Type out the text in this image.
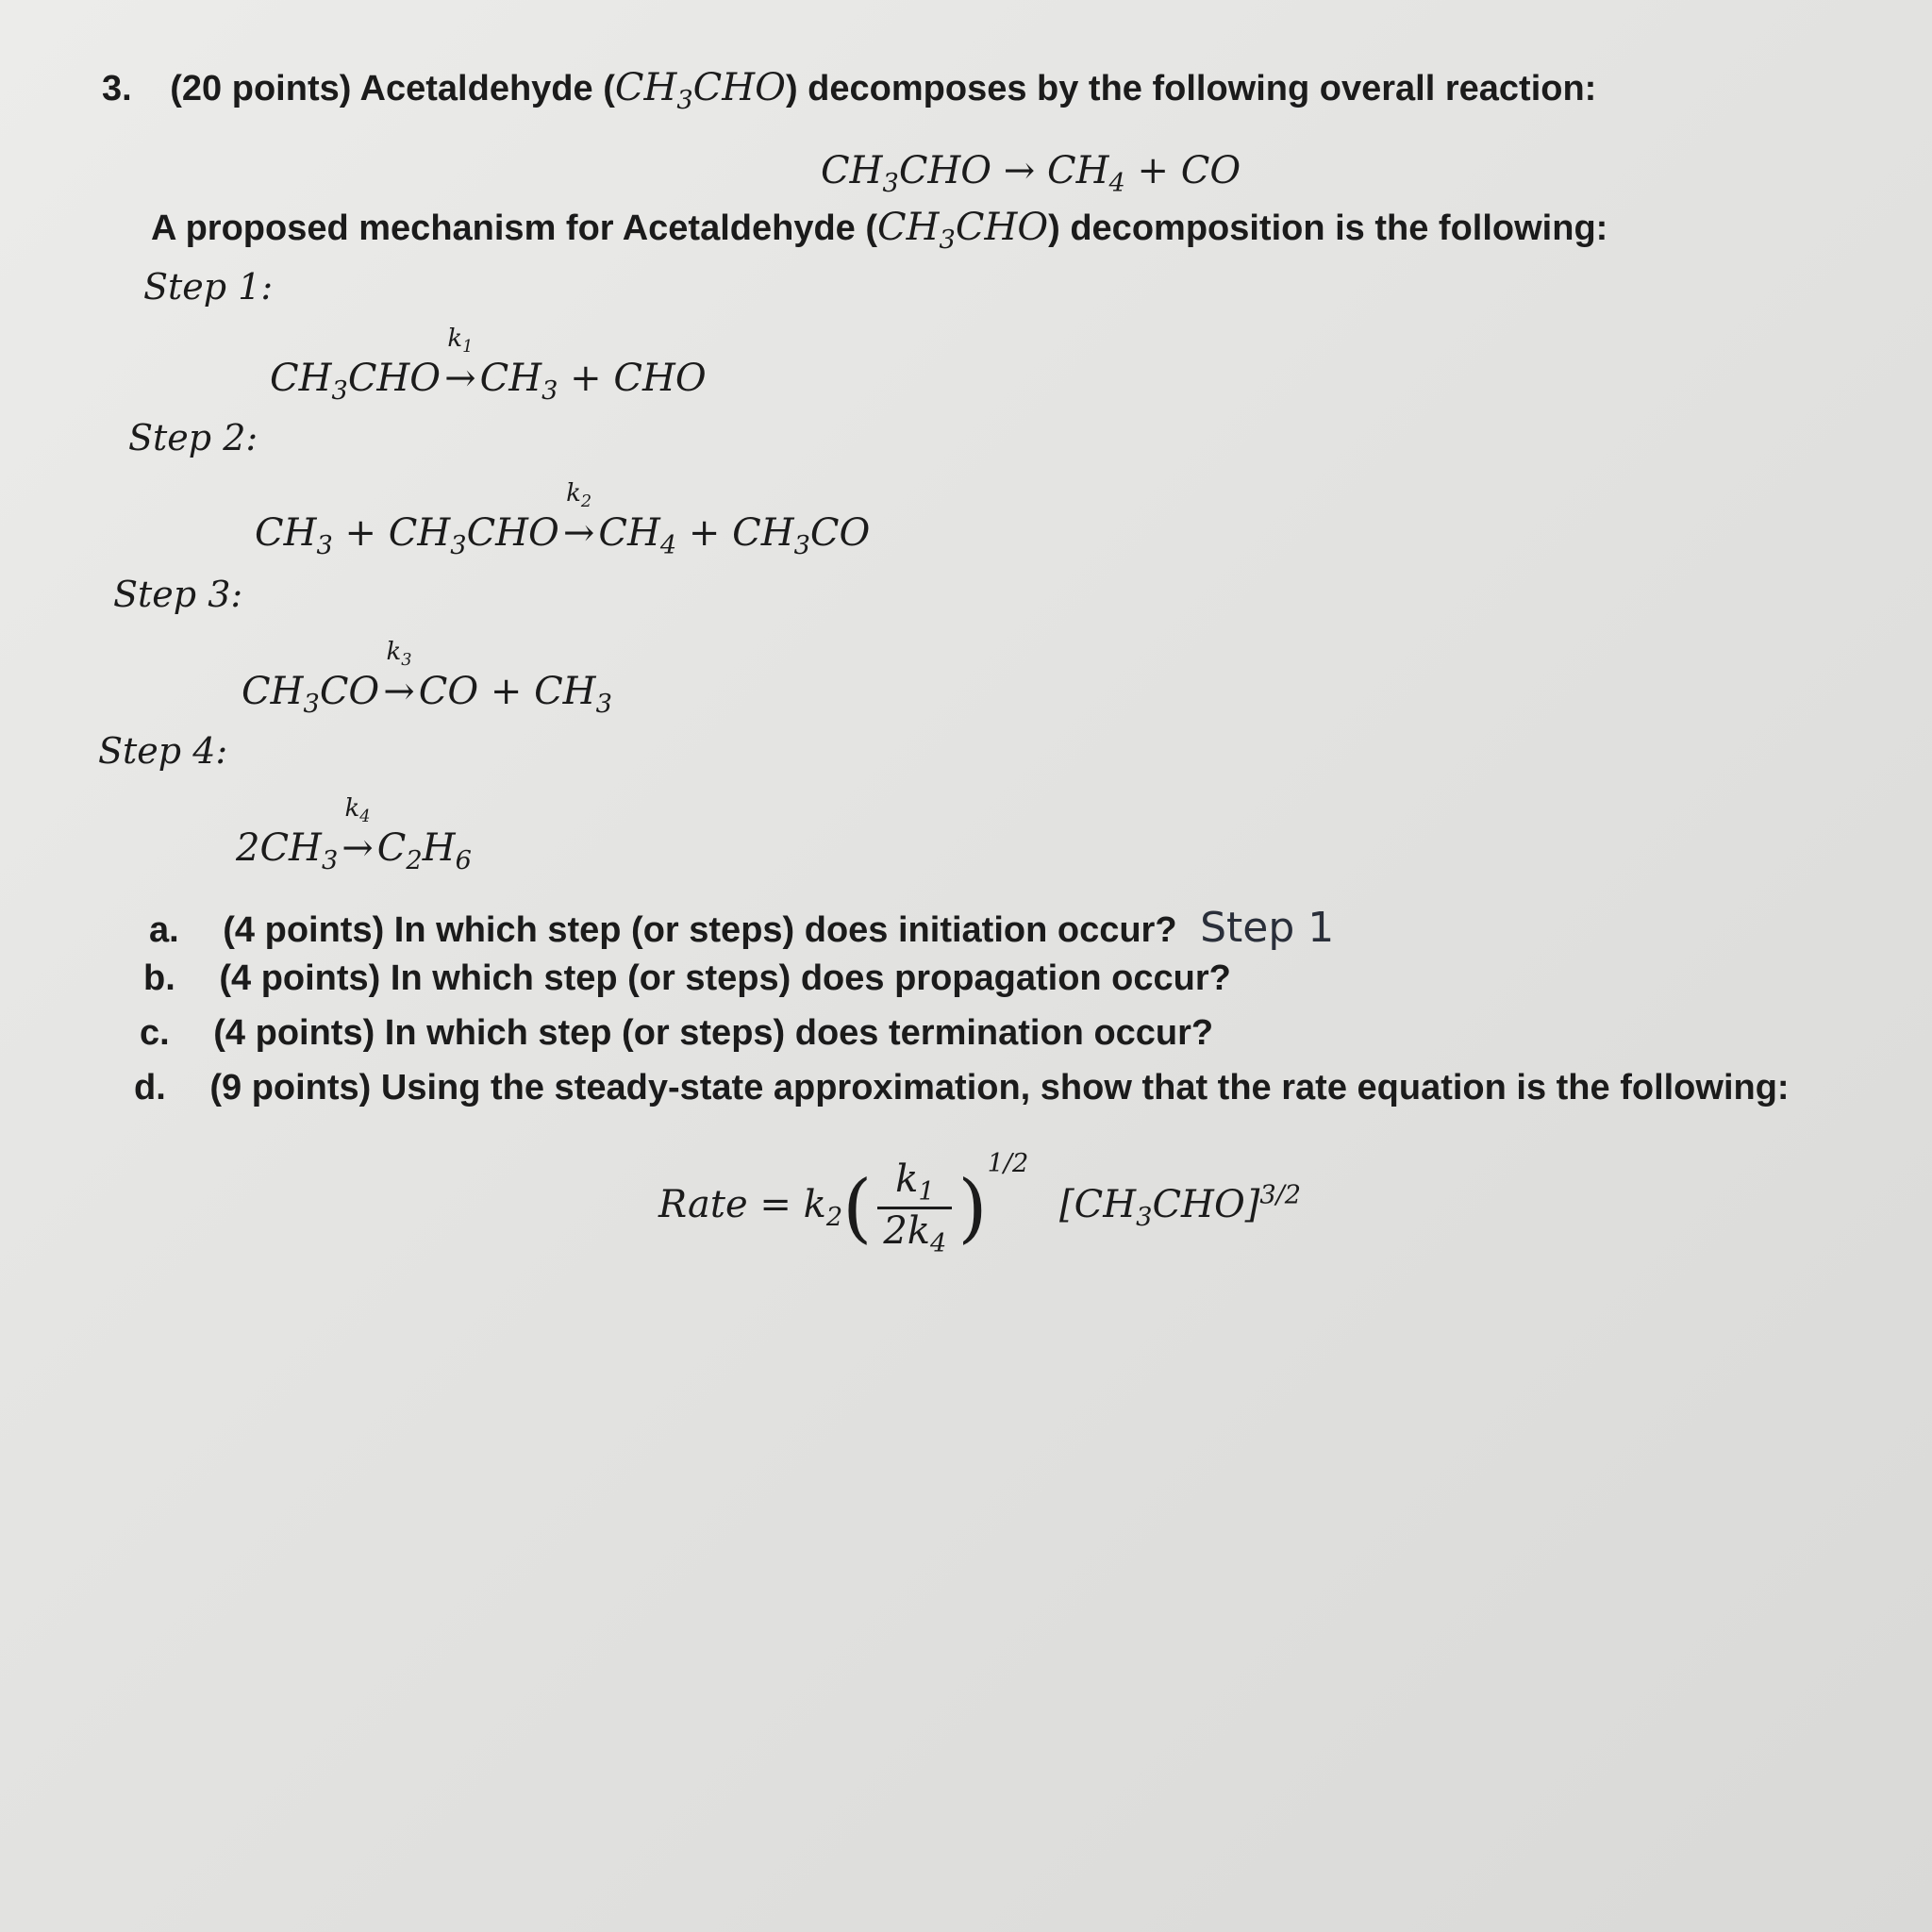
3. (20 points) Acetaldehyde $(CH_3CHO)$ decomposes by the following overall reaction:
$CH_3CHO \to CH_4$ + CO
A proposed mechanism for Acetaldehyde $(CH_3CHO)$ decomposition is the following:
Step 1:
$CH_3CHO$ →
$k_1$
$CH_3$ + CHO
Step 2:
$CH_3 + CH_3CHO$ →
$k_2$
$CH_4 + CH_3CO$
Step 3:
$CH_3CO$ →
$k_3$
CO + $CH_3$
Step 4:
$2CH_3$ →
$k_4$
$C_2H_6$
a. (4 points) In which step (or steps) does initiation occur? Step 1
b. (4 points) In which step (or steps) does propagation occur?
c. (4 points) In which step (or steps) does termination occur?
d. (9 points) Using the steady-state approximation, show that the rate equation is the following:
Rate = $k_2( \frac{k_1}{2k_4} )^{1/2}$ $[CH_3CHO]^{3/2}$
